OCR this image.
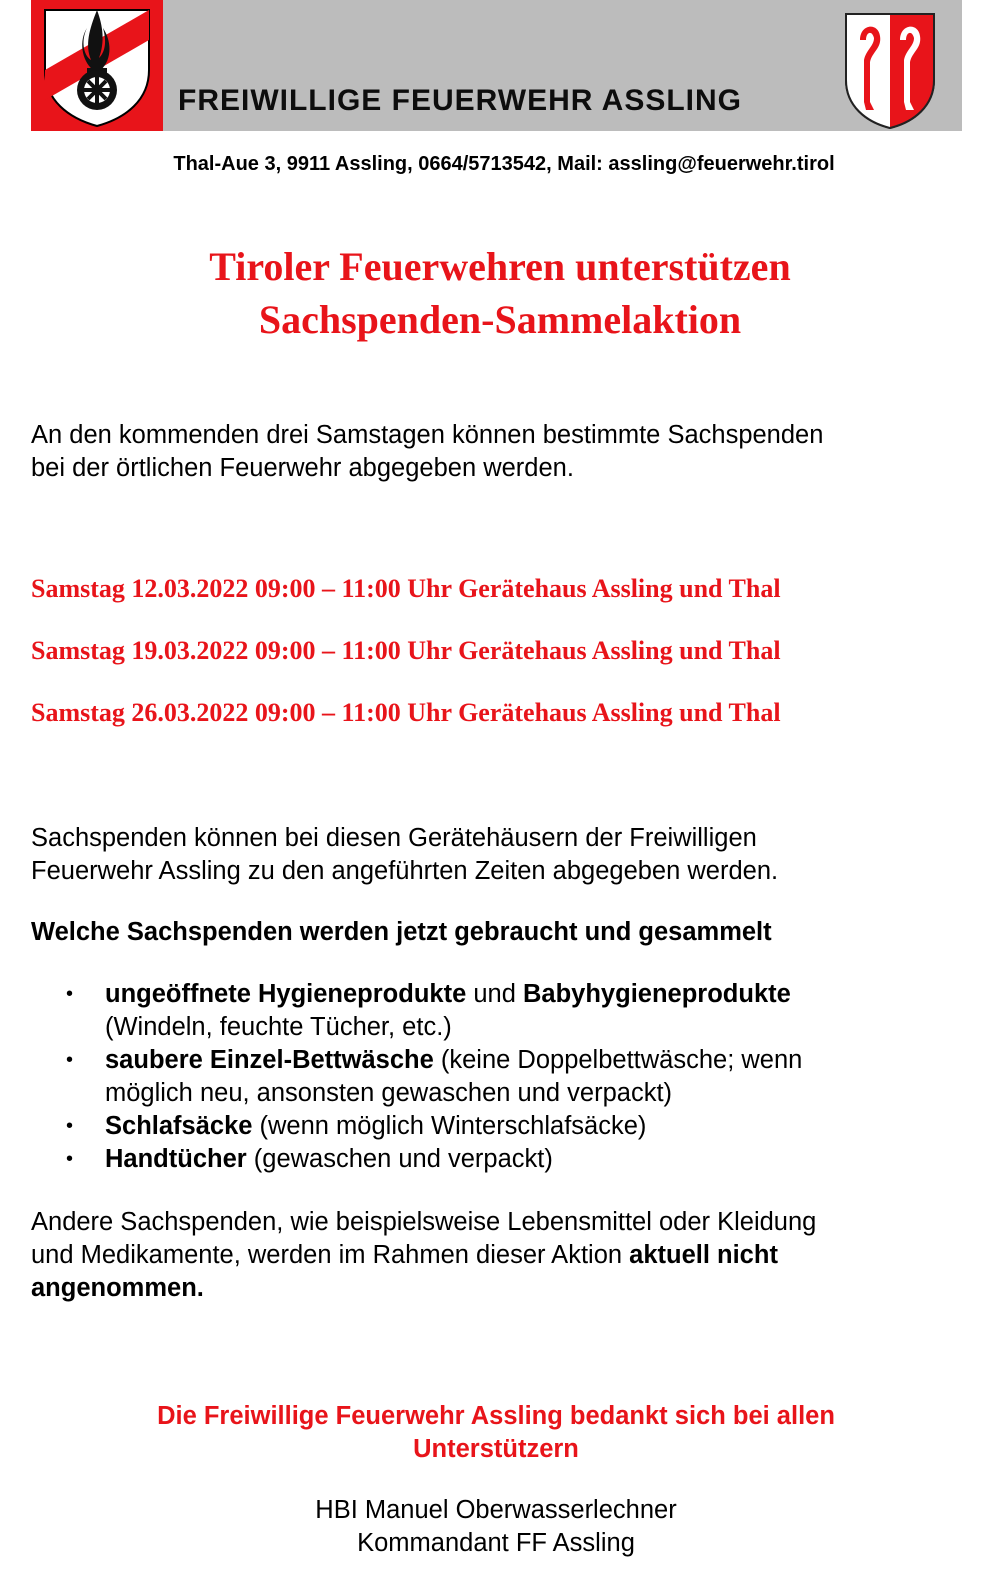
FREIWILLIGE FEUERWEHR ASSLING
Thal-Aue 3, 9911 Assling, 0664/5713542, Mail: assling@feuerwehr.tirol
Tiroler Feuerwehren unterstützen
Sachspenden-Sammelaktion
An den kommenden drei Samstagen können bestimmte Sachspenden
bei der örtlichen Feuerwehr abgegeben werden.
Samstag 12.03.2022 09:00 – 11:00 Uhr Gerätehaus Assling und Thal
Samstag 19.03.2022 09:00 – 11:00 Uhr Gerätehaus Assling und Thal
Samstag 26.03.2022 09:00 – 11:00 Uhr Gerätehaus Assling und Thal
Sachspenden können bei diesen Gerätehäusern der Freiwilligen
Feuerwehr Assling zu den angeführten Zeiten abgegeben werden.
Welche Sachspenden werden jetzt gebraucht und gesammelt
• ungeöffnete Hygieneprodukte und Babyhygieneprodukte
(Windeln, feuchte Tücher, etc.)
• saubere Einzel-Bettwäsche (keine Doppelbettwäsche; wenn
möglich neu, ansonsten gewaschen und verpackt)
• Schlafsäcke (wenn möglich Winterschlafsäcke)
• Handtücher (gewaschen und verpackt)
Andere Sachspenden, wie beispielsweise Lebensmittel oder Kleidung
und Medikamente, werden im Rahmen dieser Aktion aktuell nicht
angenommen.
Die Freiwillige Feuerwehr Assling bedankt sich bei allen
Unterstützern
HBI Manuel Oberwasserlechner
Kommandant FF Assling
